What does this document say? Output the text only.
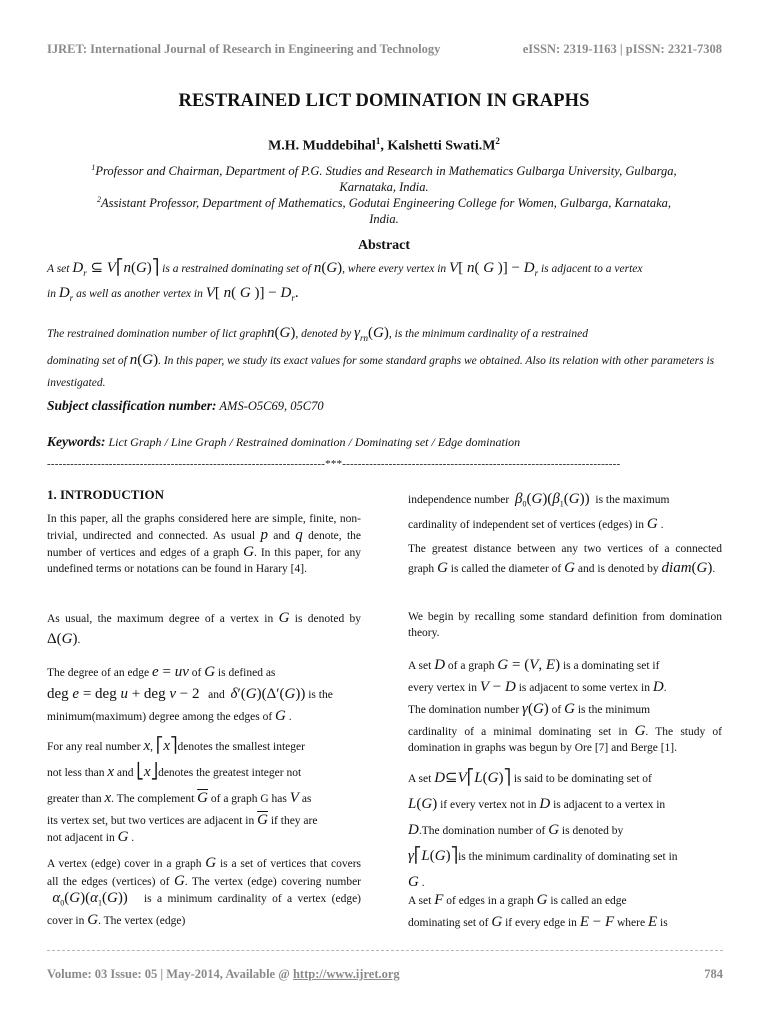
IJRET: International Journal of Research in Engineering and Technology	eISSN: 2319-1163 | pISSN: 2321-7308
RESTRAINED LICT DOMINATION IN GRAPHS
M.H. Muddebihal$^1$, Kalshetti $Swati.M^2$
$^1$Professor and Chairman, Department of P.G. Studies and Research in Mathematics Gulbarga University, Gulbarga, Karnataka, India.
$^2$Assistant Professor, Department of Mathematics, Godutai Engineering College for Women, Gulbarga, Karnataka, India.
Abstract
A set $D_r$ ⊆ V⎡n(G)⎤ is a restrained dominating set of n(G), where every vertex in V[ n( G )] − $D_r$ is adjacent to a vertex
in $D_r$ as well as another vertex in V[ n( G )] − $D_r$.
The restrained domination number of lict graphn(G), denoted by $\gamma_{rn}(G)$, is the minimum cardinality of a restrained
dominating set of n(G). In this paper, we study its exact values for some standard graphs we obtained. Also its relation with other parameters is investigated.
Subject classification number: AMS-O5C69, 05C70
Keywords: Lict Graph / Line Graph / Restrained domination / Dominating set / Edge domination
------------------------------------------------------------------------***------------------------------------------------------------------------
1. INTRODUCTION

In this paper, all the graphs considered here are simple, finite, non-trivial, undirected and connected. As usual p and q denote, the number of vertices and edges of a graph G. In this paper, for any undefined terms or notations can be found in Harary [4].

As usual, the maximum degree of a vertex in G is denoted by Δ(G).

The degree of an edge e = uv of G is defined as
deg e = deg u + deg v − 2 and δ′(G)(Δ′(G)) is the
minimum(maximum) degree among the edges of G .

For any real number x, ⎡x⎤denotes the smallest integer
not less than x and ⎣x⎦denotes the greatest integer not
greater than x. The complement $\overline{G}$ of a graph G has V as

its vertex set, but two vertices are adjacent in $\overline{G}$ if they are
not adjacent in G .

A vertex (edge) cover in a graph G is a set of vertices that covers all the edges (vertices) of G. The vertex (edge) covering number  $\alpha_0(G)(\alpha_1(G))$ is a minimum cardinality of a vertex (edge) cover in G. The vertex (edge)

independence number $\beta_0(G)(\beta_1(G))$ is the maximum
cardinality of independent set of vertices (edges) in G .

The greatest distance between any two vertices of a connected graph G is called the diameter of G and is denoted by diam(G).

We begin by recalling some standard definition from domination theory.

A set D of a graph G = (V, E) is a dominating set if
every vertex in V − D is adjacent to some vertex in D.
The domination number γ(G) of G is the minimum

cardinality of a minimal dominating set in G. The study of domination in graphs was begun by Ore [7] and Berge [1].

A set D⊆V⎡L(G)⎤ is said to be dominating set of
L(G) if every vertex not in D is adjacent to a vertex in
D.The domination number of G is denoted by
γ⎡L(G)⎤is the minimum cardinality of dominating set in
G .

A set F of edges in a graph G is called an edge
dominating set of G if every edge in E − F where E is

Volume: 03 Issue: 05 | May-2014, Available @ http://www.ijret.org	784
